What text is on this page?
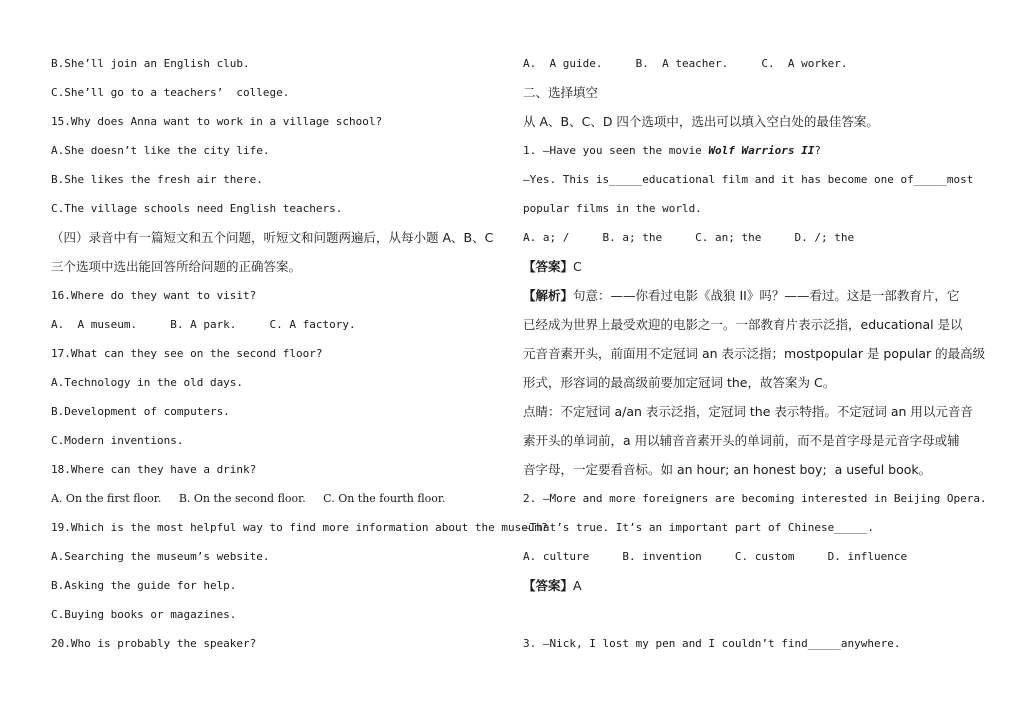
B.She’ll join an English club.
C.She’ll go to a teachers’  college.
15.Why does Anna want to work in a village school?
A.She doesn’t like the city life.
B.She likes the fresh air there.
C.The village schools need English teachers.
（四）录音中有一篇短文和五个问题，听短文和问题两遍后，从每小题 A、B、C
三个选项中选出能回答所给问题的正确答案。
16.Where do they want to visit?
A.  A museum.     B. A park.     C. A factory.
17.What can they see on the second floor?
A.Technology in the old days.
B.Development of computers.
C.Modern inventions.
18.Where can they have a drink?
A. On the first floor.     B. On the second floor.     C. On the fourth floor.
19.Which is the most helpful way to find more information about the museum?
A.Searching the museum’s website.
B.Asking the guide for help.
C.Buying books or magazines.
20.Who is probably the speaker?
A.  A guide.     B.  A teacher.     C.  A worker.
二、选择填空
从 A、B、C、D 四个选项中，选出可以填入空白处的最佳答案。
1. —Have you seen the movie Wolf Warriors II?
—Yes. This is_____educational film and it has become one of_____most
popular films in the world.
A. a; /     B. a; the     C. an; the     D. /; the
【答案】C
【解析】句意：——你看过电影《战狼 II》吗？——看过。这是一部教育片，它
已经成为世界上最受欢迎的电影之一。一部教育片表示泛指，educational 是以
元音音素开头，前面用不定冠词 an 表示泛指；mostpopular 是 popular 的最高级
形式，形容词的最高级前要加定冠词 the，故答案为 C。
点睛：不定冠词 a/an 表示泛指，定冠词 the 表示特指。不定冠词 an 用以元音音
素开头的单词前，a 用以辅音音素开头的单词前，而不是首字母是元音字母或辅
音字母，一定要看音标。如 an hour; an honest boy;  a useful book。
2. —More and more foreigners are becoming interested in Beijing Opera.
—That’s true. It’s an important part of Chinese_____.
A. culture     B. invention     C. custom     D. influence
【答案】A
3. —Nick, I lost my pen and I couldn’t find_____anywhere.
